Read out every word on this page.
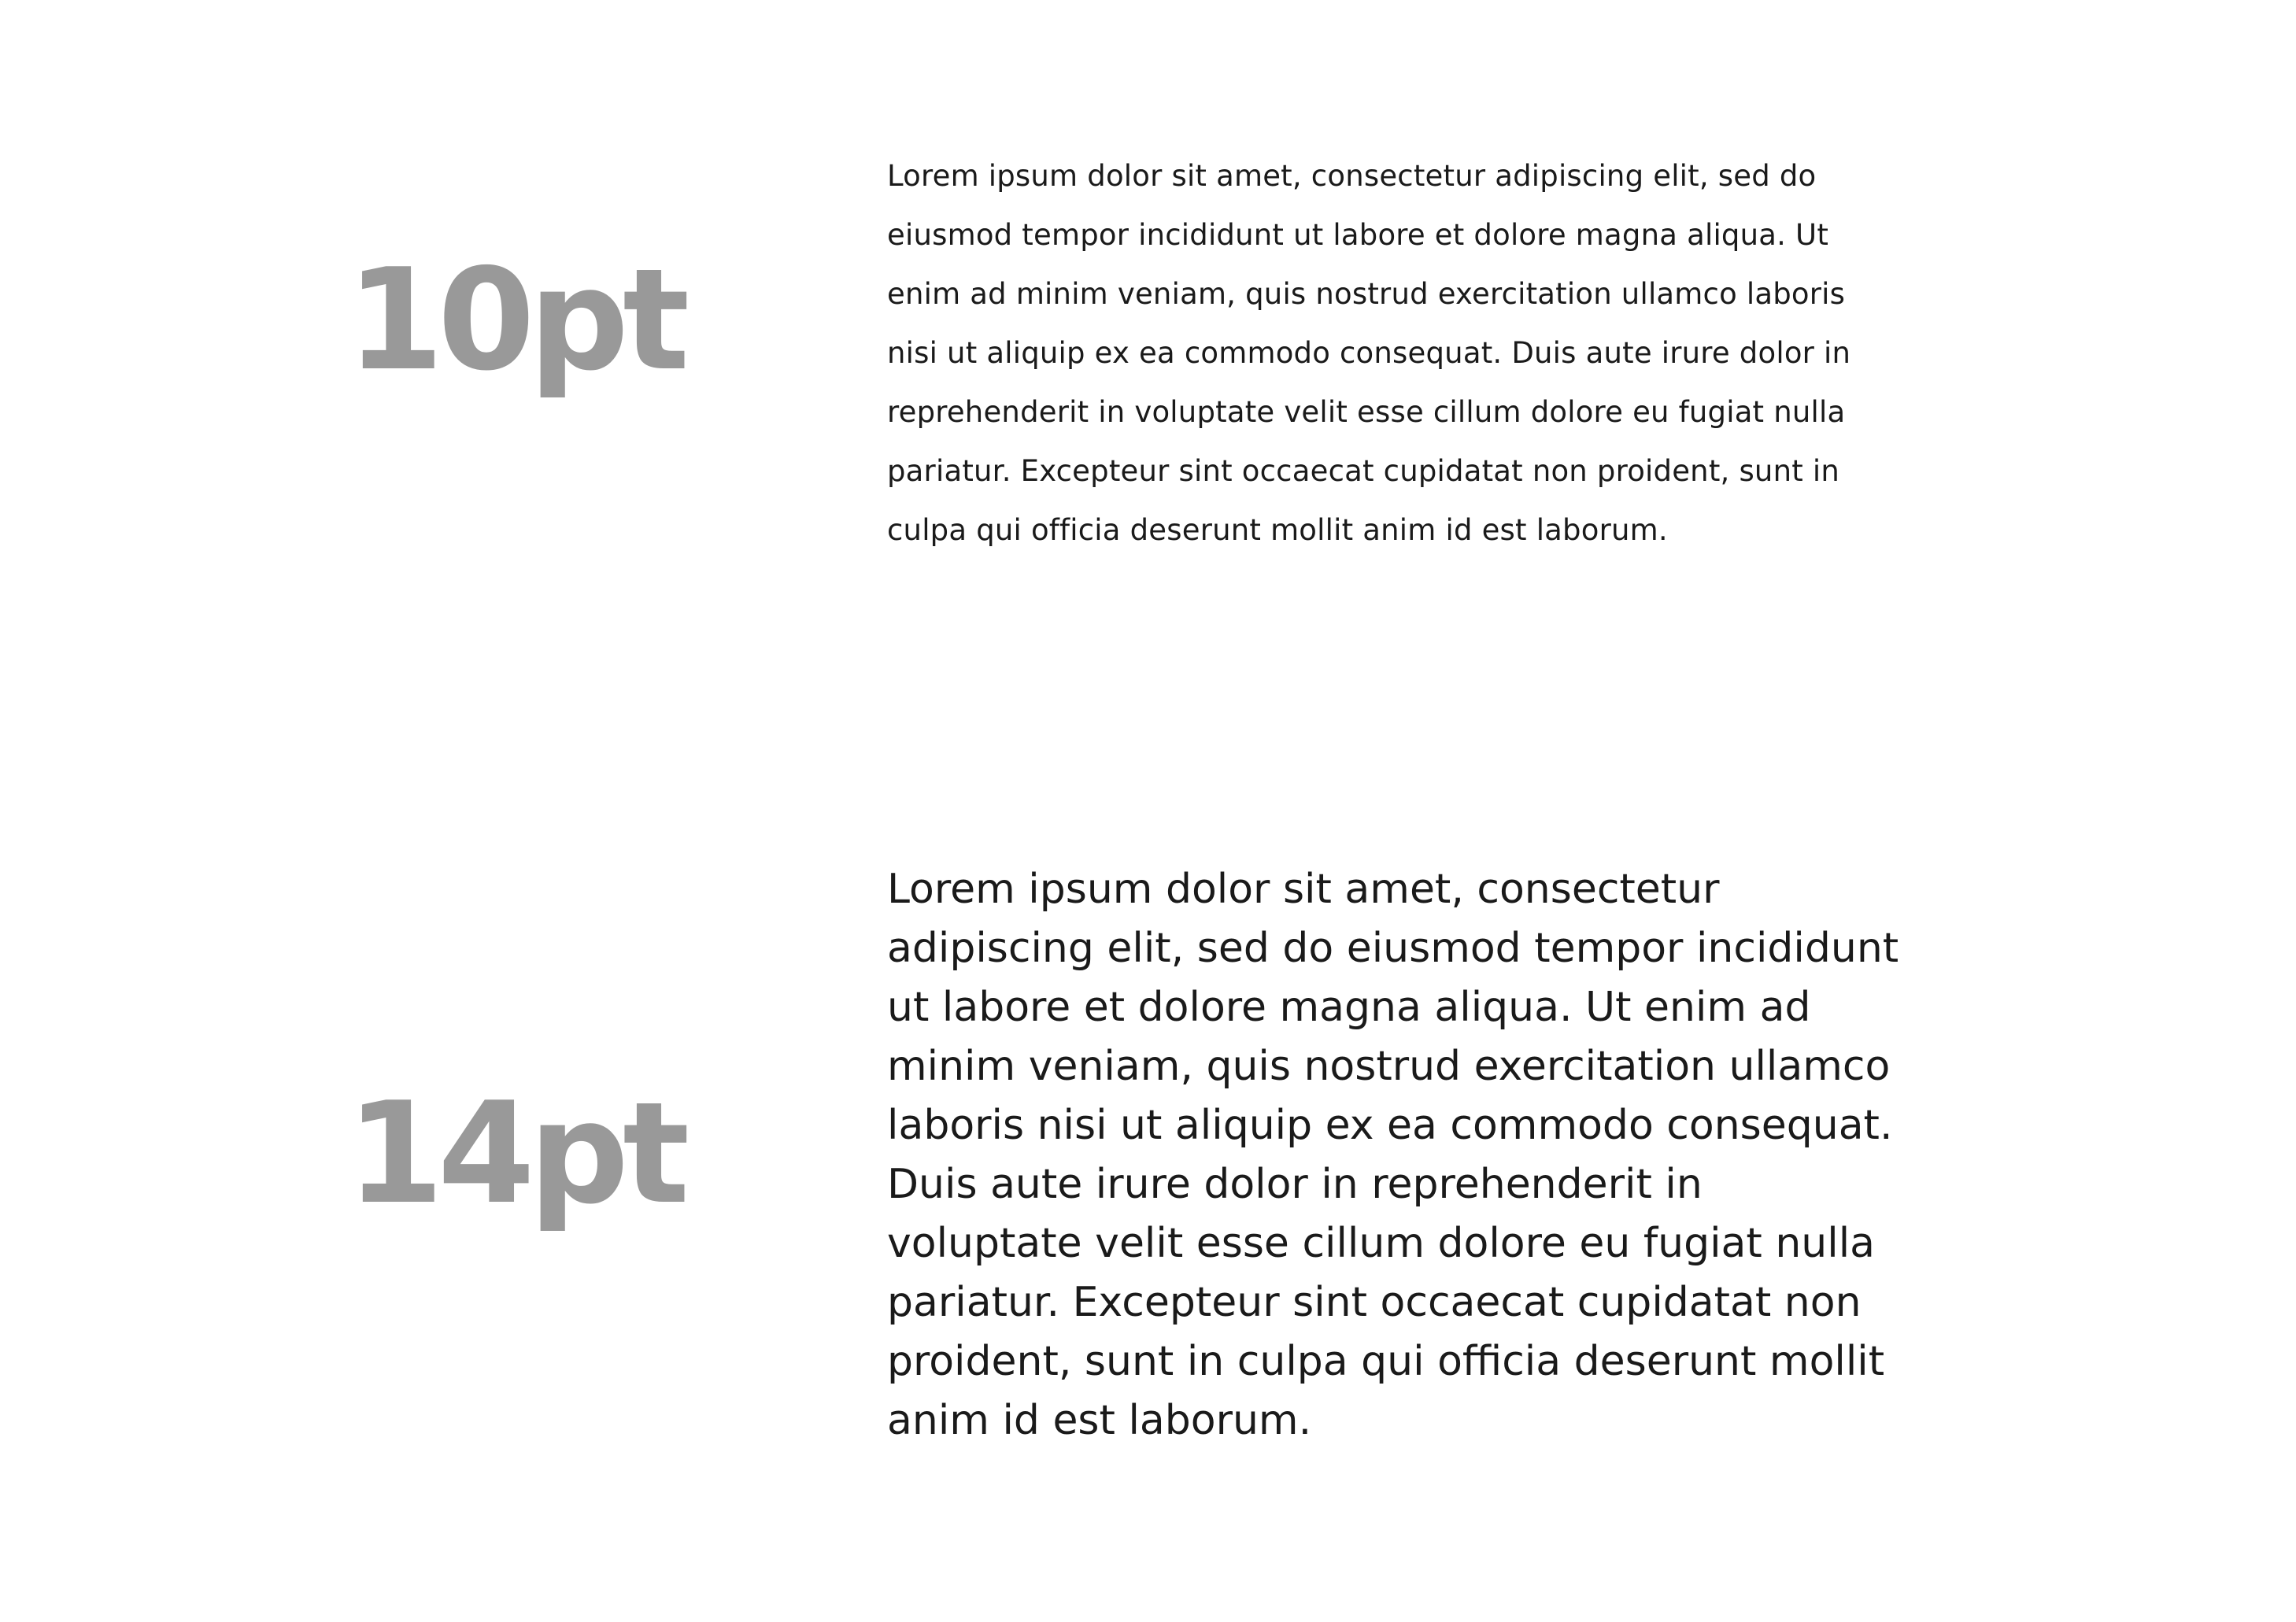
10pt

Lorem ipsum dolor sit amet, consectetur adipiscing elit, sed do eiusmod tempor incididunt ut labore et dolore magna aliqua. Ut enim ad minim veniam, quis nostrud exercitation ullamco laboris nisi ut aliquip ex ea commodo consequat. Duis aute irure dolor in reprehenderit in voluptate velit esse cillum dolore eu fugiat nulla pariatur. Excepteur sint occaecat cupidatat non proident, sunt in culpa qui officia deserunt mollit anim id est laborum.

14pt

Lorem ipsum dolor sit amet, consectetur adipiscing elit, sed do eiusmod tempor incididunt ut labore et dolore magna aliqua. Ut enim ad minim veniam, quis nostrud exercitation ullamco laboris nisi ut aliquip ex ea commodo consequat. Duis aute irure dolor in reprehenderit in voluptate velit esse cillum dolore eu fugiat nulla pariatur. Excepteur sint occaecat cupidatat non proident, sunt in culpa qui officia deserunt mollit anim id est laborum.
